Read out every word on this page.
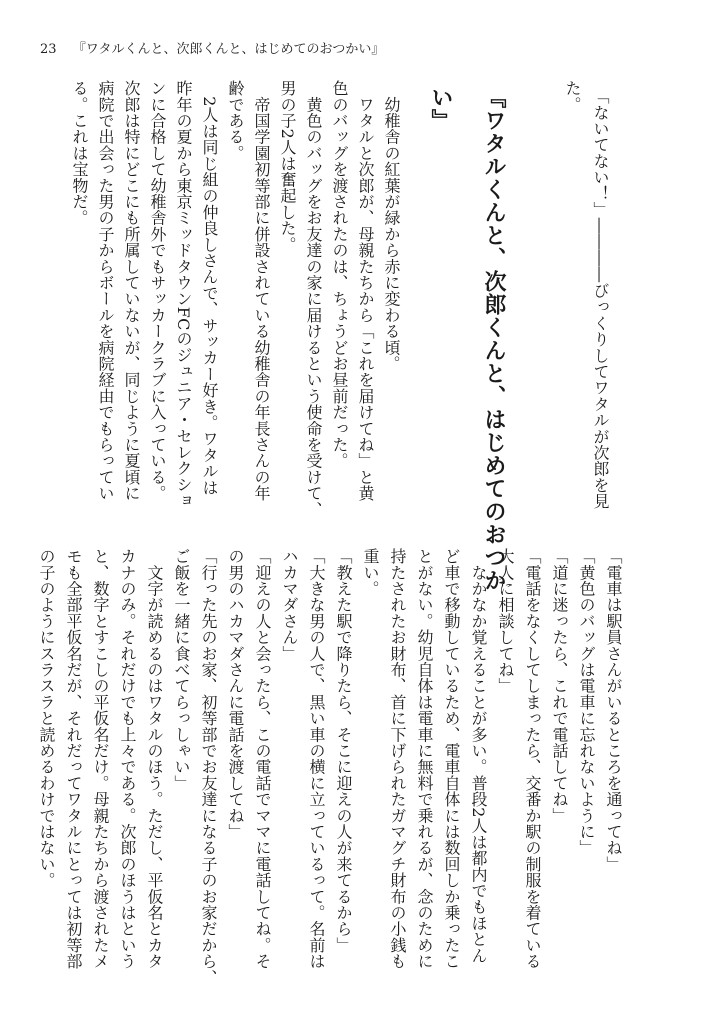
23 『ワタルくんと、次郎くんと、はじめてのおつかい』
「ないてない！」――――びっくりしてワタルが次郎を見
た。
『ワタルくんと、次郎くんと、はじめてのおつか
い』
　幼稚舎の紅葉が緑から赤に変わる頃。
　ワタルと次郎が、母親たちから「これを届けてね」と黄
色のバッグを渡されたのは、ちょうどお昼前だった。
　黄色のバッグをお友達の家に届けるという使命を受けて、
男の子2人は奮起した。
　帝国学園初等部に併設されている幼稚舎の年長さんの年
齢である。
　2人は同じ組の仲良しさんで、サッカー好き。ワタルは
昨年の夏から東京ミッドタウンFCのジュニア・セレクショ
ンに合格して幼稚舎外でもサッカークラブに入っている。
次郎は特にどこにも所属していないが、同じように夏頃に
病院で出会った男の子からボールを病院経由でもらってい
る。これは宝物だ。
「電車は駅員さんがいるところを通ってね」
「黄色のバッグは電車に忘れないように」
「道に迷ったら、これで電話してね」
「電話をなくしてしまったら、交番か駅の制服を着ている
大人に相談してね」
　なかなか覚えることが多い。普段2人は都内でもほとん
ど車で移動しているため、電車自体には数回しか乗ったこ
とがない。幼児自体は電車に無料で乗れるが、念のために
持たされたお財布、首に下げられたガマグチ財布の小銭も
重い。
「教えた駅で降りたら、そこに迎えの人が来てるから」
「大きな男の人で、黒い車の横に立っているって。名前は
ハカマダさん」
「迎えの人と会ったら、この電話でママに電話してね。そ
の男のハカマダさんに電話を渡してね」
「行った先のお家、初等部でお友達になる子のお家だから、
ご飯を一緒に食べてらっしゃい」
　文字が読めるのはワタルのほう。ただし、平仮名とカタ
カナのみ。それだけでも上々である。次郎のほうはという
と、数字とすこしの平仮名だけ。母親たちから渡されたメ
モも全部平仮名だが、それだってワタルにとっては初等部
の子のようにスラスラと読めるわけではない。
